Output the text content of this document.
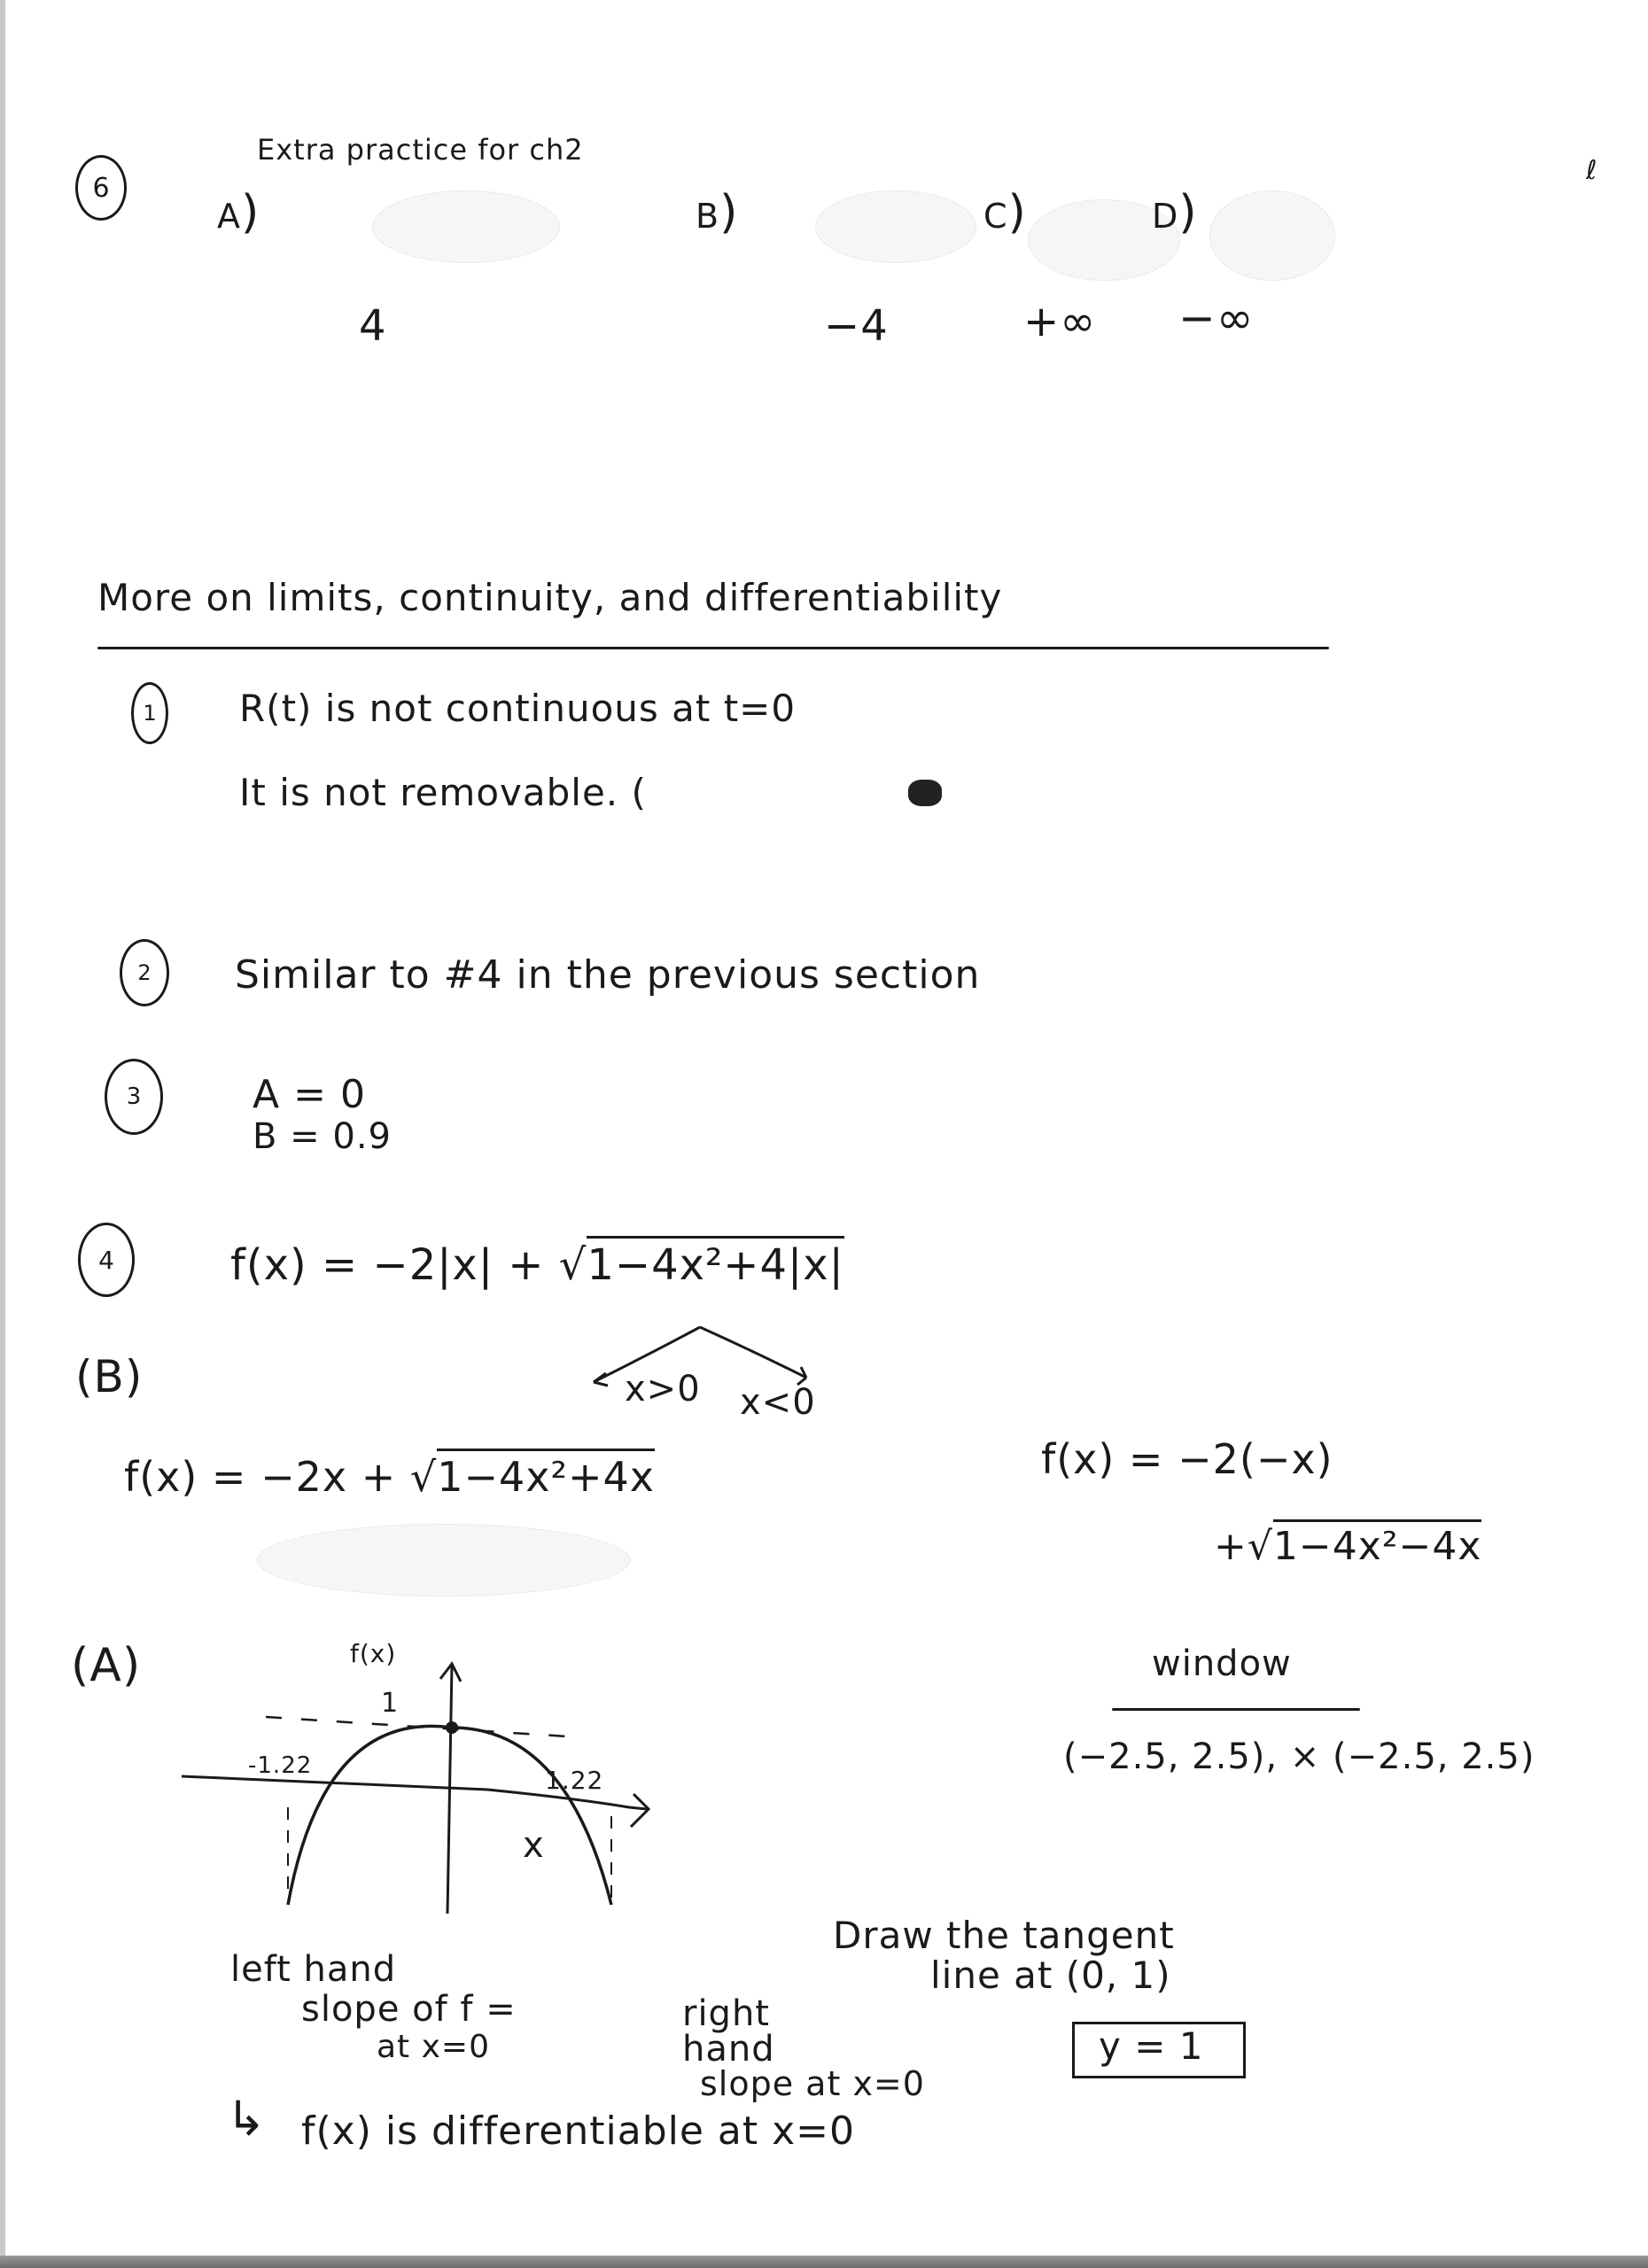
6
Extra practice for ch2
ℓ
A)
4
B)
−4
C)
+∞
D)
−∞
More on limits, continuity, and differentiability
1 R(t) is not continuous at t=0
It is not removable. (
2 Similar to #4 in the previous section
3	A = 0
B = 0.9
4	f(x) = −2|x| + √1−4x²+4|x|
(B)	x>0 x<0
f(x) = −2x + √1−4x²+4x	f(x) = −2(−x)
+√1−4x²−4x
(A)	f(x)
1
-1.22	1.22
x
window
(−2.5, 2.5), × (−2.5, 2.5)
Draw the tangent
line at (0, 1)
y = 1
left hand
slope of f =
at x=0
right
hand
slope at x=0
↳ f(x) is differentiable at x=0
